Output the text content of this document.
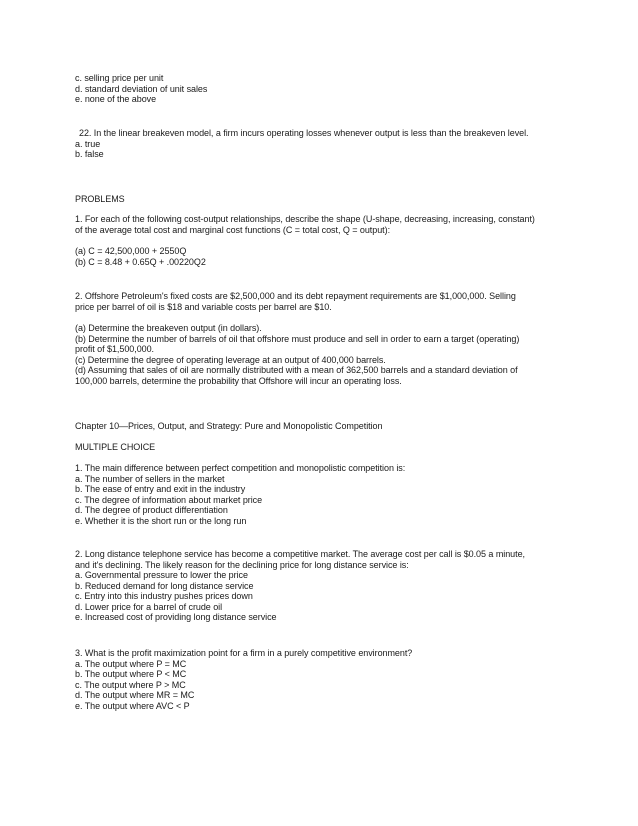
c. selling price per unit
d. standard deviation of unit sales
e. none of the above
22. In the linear breakeven model, a firm incurs operating losses whenever output is less than the breakeven level.
a. true
b. false
PROBLEMS
1. For each of the following cost-output relationships, describe the shape (U-shape, decreasing, increasing, constant)
of the average total cost and marginal cost functions (C = total cost, Q = output):
(a) C = 42,500,000 + 2550Q
(b) C = 8.48 + 0.65Q + .00220Q2
2. Offshore Petroleum's fixed costs are $2,500,000 and its debt repayment requirements are $1,000,000. Selling
price per barrel of oil is $18 and variable costs per barrel are $10.
(a) Determine the breakeven output (in dollars).
(b) Determine the number of barrels of oil that offshore must produce and sell in order to earn a target (operating)
profit of $1,500,000.
(c) Determine the degree of operating leverage at an output of 400,000 barrels.
(d) Assuming that sales of oil are normally distributed with a mean of 362,500 barrels and a standard deviation of
100,000 barrels, determine the probability that Offshore will incur an operating loss.
Chapter 10—Prices, Output, and Strategy: Pure and Monopolistic Competition
MULTIPLE CHOICE
1. The main difference between perfect competition and monopolistic competition is:
a. The number of sellers in the market
b. The ease of entry and exit in the industry
c. The degree of information about market price
d. The degree of product differentiation
e. Whether it is the short run or the long run
2. Long distance telephone service has become a competitive market. The average cost per call is $0.05 a minute,
and it's declining. The likely reason for the declining price for long distance service is:
a. Governmental pressure to lower the price
b. Reduced demand for long distance service
c. Entry into this industry pushes prices down
d. Lower price for a barrel of crude oil
e. Increased cost of providing long distance service
3. What is the profit maximization point for a firm in a purely competitive environment?
a. The output where P = MC
b. The output where P < MC
c. The output where P > MC
d. The output where MR = MC
e. The output where AVC < P
